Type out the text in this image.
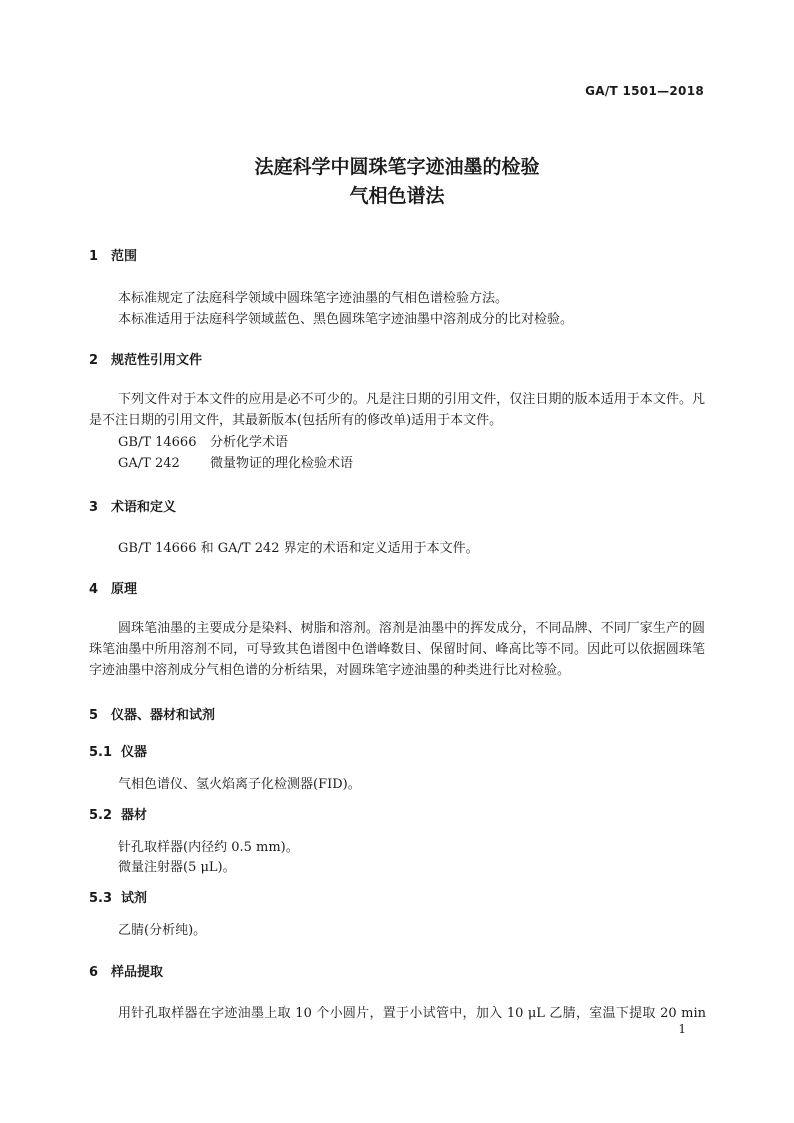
GA/T 1501—2018
法庭科学中圆珠笔字迹油墨的检验
气相色谱法
1 范围
本标准规定了法庭科学领域中圆珠笔字迹油墨的气相色谱检验方法。
本标准适用于法庭科学领域蓝色、黑色圆珠笔字迹油墨中溶剂成分的比对检验。
2 规范性引用文件
下列文件对于本文件的应用是必不可少的。凡是注日期的引用文件，仅注日期的版本适用于本文件。凡是不注日期的引用文件，其最新版本(包括所有的修改单)适用于本文件。
GB/T 14666 分析化学术语
GA/T 242 微量物证的理化检验术语
3 术语和定义
GB/T 14666 和 GA/T 242 界定的术语和定义适用于本文件。
4 原理
圆珠笔油墨的主要成分是染料、树脂和溶剂。溶剂是油墨中的挥发成分，不同品牌、不同厂家生产的圆珠笔油墨中所用溶剂不同，可导致其色谱图中色谱峰数目、保留时间、峰高比等不同。因此可以依据圆珠笔字迹油墨中溶剂成分气相色谱的分析结果，对圆珠笔字迹油墨的种类进行比对检验。
5 仪器、器材和试剂
5.1 仪器
气相色谱仪、氢火焰离子化检测器(FID)。
5.2 器材
针孔取样器(内径约 0.5 mm)。
微量注射器(5 μL)。
5.3 试剂
乙腈(分析纯)。
6 样品提取
用针孔取样器在字迹油墨上取 10 个小圆片，置于小试管中，加入 10 μL 乙腈，室温下提取 20 min
1
